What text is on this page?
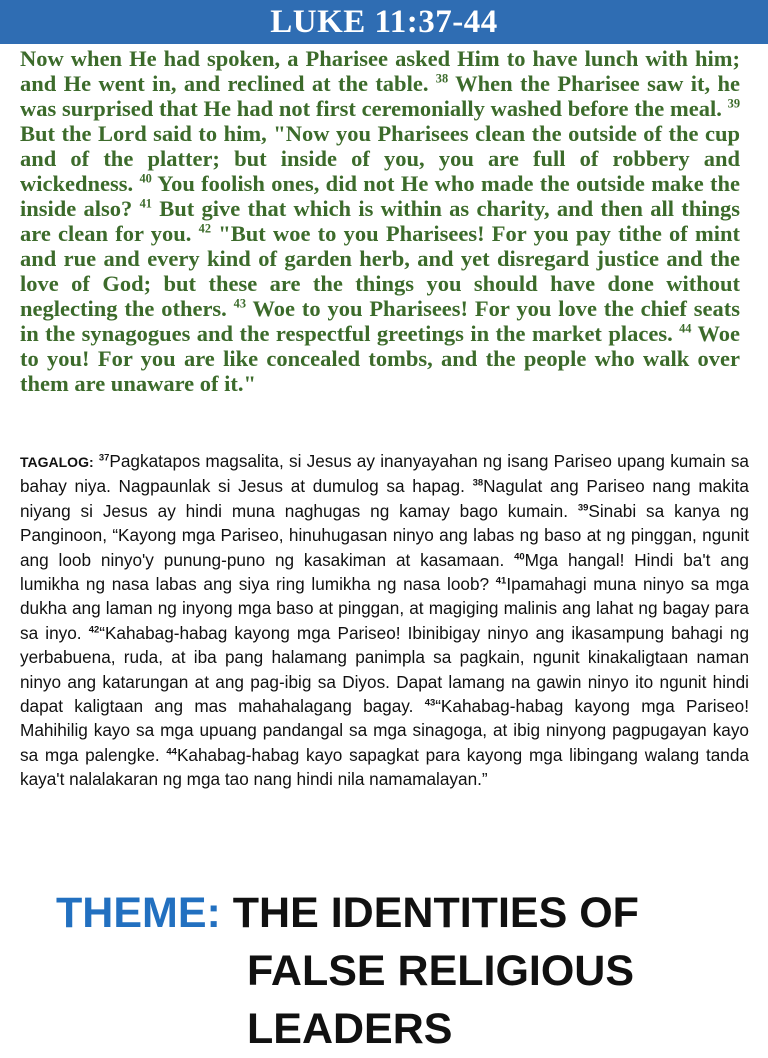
LUKE 11:37-44

Now when He had spoken, a Pharisee asked Him to have lunch with him; and He went in, and reclined at the table. $^{38}$ When the Pharisee saw it, he was surprised that He had not first ceremonially washed before the meal. $^{39}$ But the Lord said to him, "Now you Pharisees clean the outside of the cup and of the platter; but inside of you, you are full of robbery and wickedness. $^{40}$ You foolish ones, did not He who made the outside make the inside also? $^{41}$ But give that which is within as charity, and then all things are clean for you. $^{42}$ "But woe to you Pharisees! For you pay tithe of mint and rue and every kind of garden herb, and yet disregard justice and the love of God; but these are the things you should have done without neglecting the others. $^{43}$ Woe to you Pharisees! For you love the chief seats in the synagogues and the respectful greetings in the market places. $^{44}$ Woe to you! For you are like concealed tombs, and the people who walk over them are unaware of it."

TAGALOG: $^{37}$Pagkatapos magsalita, si Jesus ay inanyayahan ng isang Pariseo upang kumain sa bahay niya. Nagpaunlak si Jesus at dumulog sa hapag. $^{38}$Nagulat ang Pariseo nang makita niyang si Jesus ay hindi muna naghugas ng kamay bago kumain. $^{39}$Sinabi sa kanya ng Panginoon, “Kayong mga Pariseo, hinuhugasan ninyo ang labas ng baso at ng pinggan, ngunit ang loob ninyo'y punung-puno ng kasakiman at kasamaan. $^{40}$Mga hangal! Hindi ba't ang lumikha ng nasa labas ang siya ring lumikha ng nasa loob? $^{41}$Ipamahagi muna ninyo sa mga dukha ang laman ng inyong mga baso at pinggan, at magiging malinis ang lahat ng bagay para sa inyo. $^{42}$“Kahabag-habag kayong mga Pariseo! Ibinibigay ninyo ang ikasampung bahagi ng yerbabuena, ruda, at iba pang halamang panimpla sa pagkain, ngunit kinakaligtaan naman ninyo ang katarungan at ang pag-ibig sa Diyos. Dapat lamang na gawin ninyo ito ngunit hindi dapat kaligtaan ang mas mahahalagang bagay. $^{43}$“Kahabag-habag kayong mga Pariseo! Mahihilig kayo sa mga upuang pandangal sa mga sinagoga, at ibig ninyong pagpugayan kayo sa mga palengke. $^{44}$Kahabag-habag kayo sapagkat para kayong mga libingang walang tanda kaya't nalalakaran ng mga tao nang hindi nila namamalayan.”

THEME: THE IDENTITIES OF
FALSE RELIGIOUS
LEADERS
